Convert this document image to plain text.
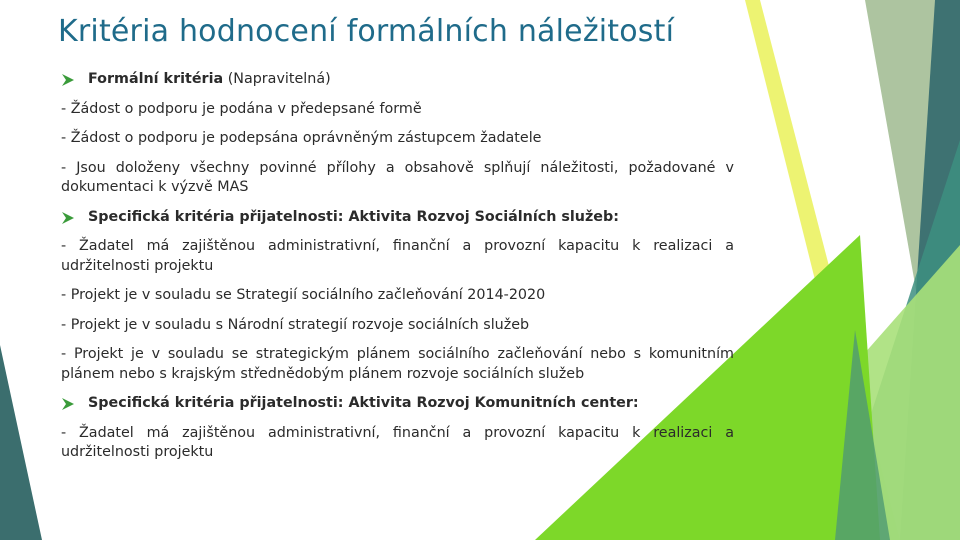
Kritéria hodnocení formálních náležitostí
Formální kritéria (Napravitelná)
- Žádost o podporu je podána v předepsané formě
- Žádost o podporu je podepsána oprávněným zástupcem žadatele
- Jsou doloženy všechny povinné přílohy a obsahově splňují náležitosti, požadované v dokumentaci k výzvě MAS
Specifická kritéria přijatelnosti: Aktivita Rozvoj Sociálních služeb:
- Žadatel má zajištěnou administrativní, finanční a provozní kapacitu k realizaci a udržitelnosti projektu
- Projekt je v souladu se Strategií sociálního začleňování 2014-2020
- Projekt je v souladu s Národní strategií rozvoje sociálních služeb
- Projekt je v souladu se strategickým plánem sociálního začleňování nebo s komunitním plánem nebo s krajským střednědobým plánem rozvoje sociálních služeb
Specifická kritéria přijatelnosti: Aktivita Rozvoj Komunitních center:
- Žadatel má zajištěnou administrativní, finanční a provozní kapacitu k realizaci a udržitelnosti projektu
